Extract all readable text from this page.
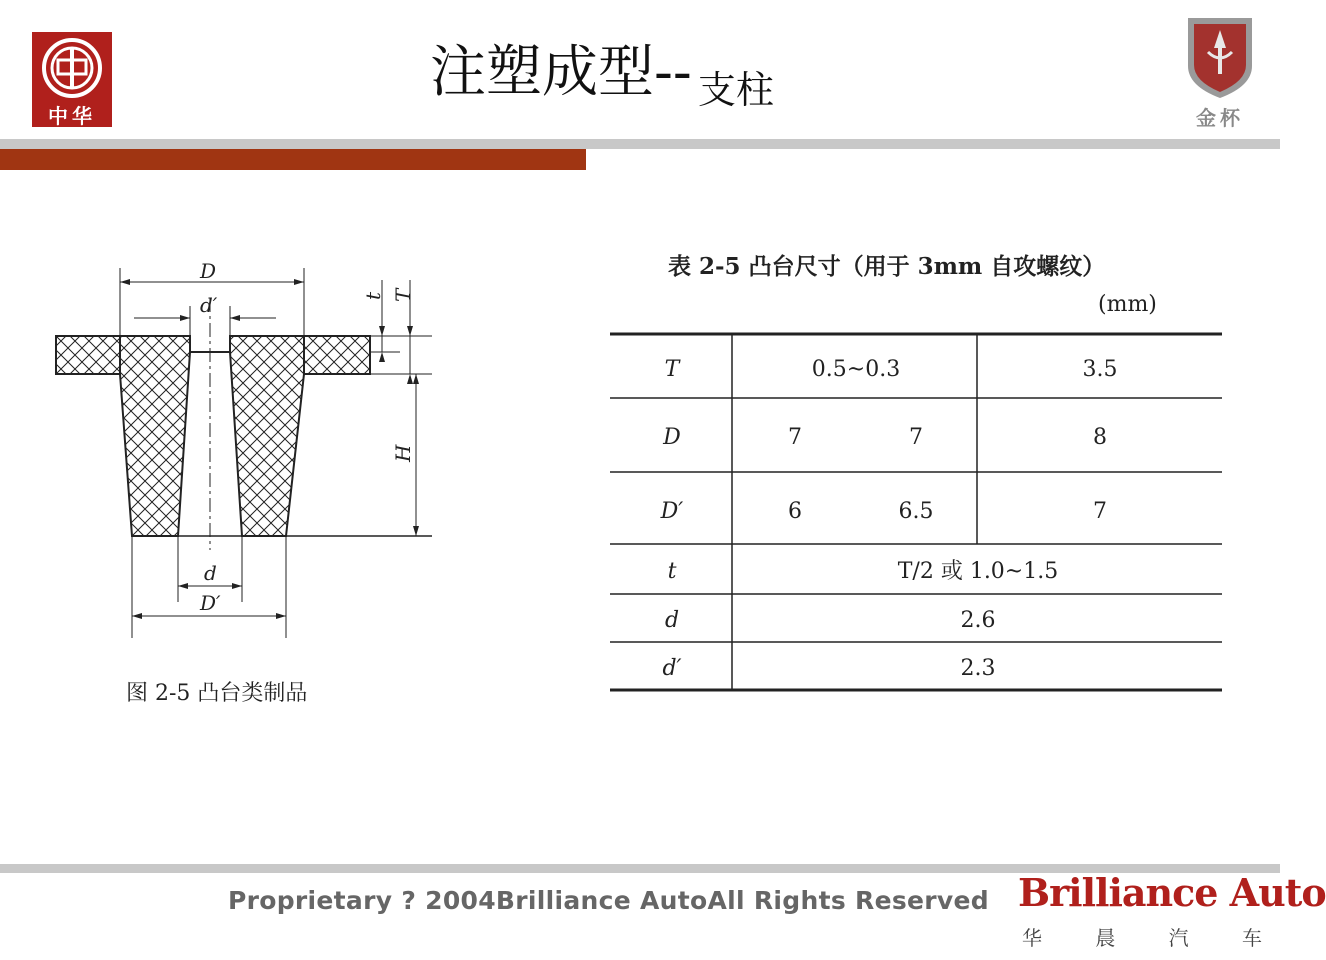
中华
注塑成型-- 支柱
金杯
D
d′	t T
H
d
D′
图 2-5 凸台类制品
表 2-5 凸台尺寸（用于 3mm 自攻螺纹）
(mm)
T	0.5~0.3	3.5
D	7	7	8
D′	6	6.5	7
t	T/2 或 1.0~1.5
d	2.6
d′	2.3
Proprietary ? 2004Brilliance AutoAll Rights Reserved Brilliance Auto
华	晨	汽	车
